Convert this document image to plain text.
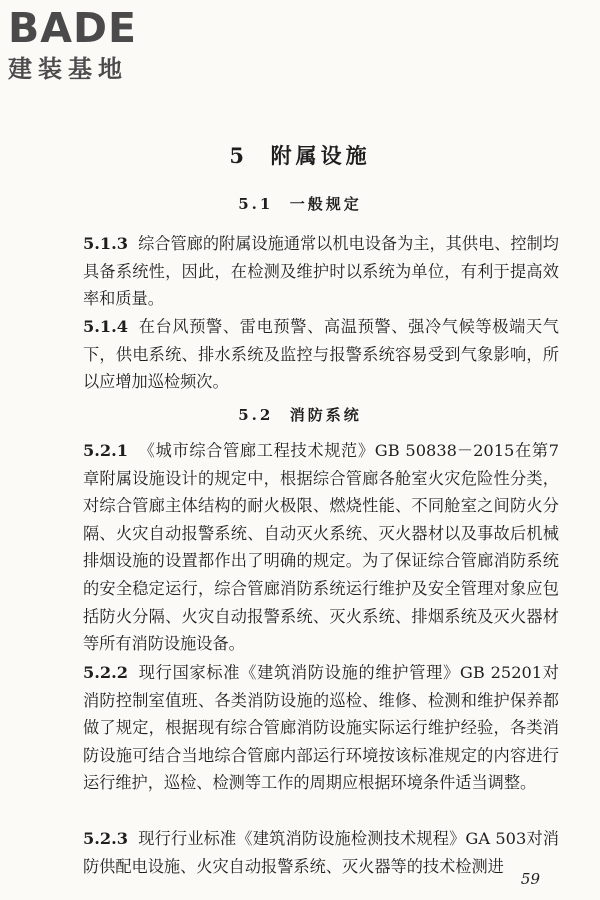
BADE
建装基地
5  附属设施
5.1  一般规定

5.1.3 综合管廊的附属设施通常以机电设备为主，其供电、控制均具备系统性，因此，在检测及维护时以系统为单位，有利于提高效率和质量。

5.1.4 在台风预警、雷电预警、高温预警、强冷气候等极端天气下，供电系统、排水系统及监控与报警系统容易受到气象影响，所以应增加巡检频次。

5.2  消防系统

5.2.1 《城市综合管廊工程技术规范》GB 50838－2015在第7章附属设施设计的规定中，根据综合管廊各舱室火灾危险性分类，对综合管廊主体结构的耐火极限、燃烧性能、不同舱室之间防火分隔、火灾自动报警系统、自动灭火系统、灭火器材以及事故后机械排烟设施的设置都作出了明确的规定。为了保证综合管廊消防系统的安全稳定运行，综合管廊消防系统运行维护及安全管理对象应包括防火分隔、火灾自动报警系统、灭火系统、排烟系统及灭火器材等所有消防设施设备。

5.2.2 现行国家标准《建筑消防设施的维护管理》GB 25201对消防控制室值班、各类消防设施的巡检、维修、检测和维护保养都做了规定，根据现有综合管廊消防设施实际运行维护经验，各类消防设施可结合当地综合管廊内部运行环境按该标准规定的内容进行运行维护，巡检、检测等工作的周期应根据环境条件适当调整。

5.2.3 现行行业标准《建筑消防设施检测技术规程》GA 503对消防供配电设施、火灾自动报警系统、灭火器等的技术检测进

59
